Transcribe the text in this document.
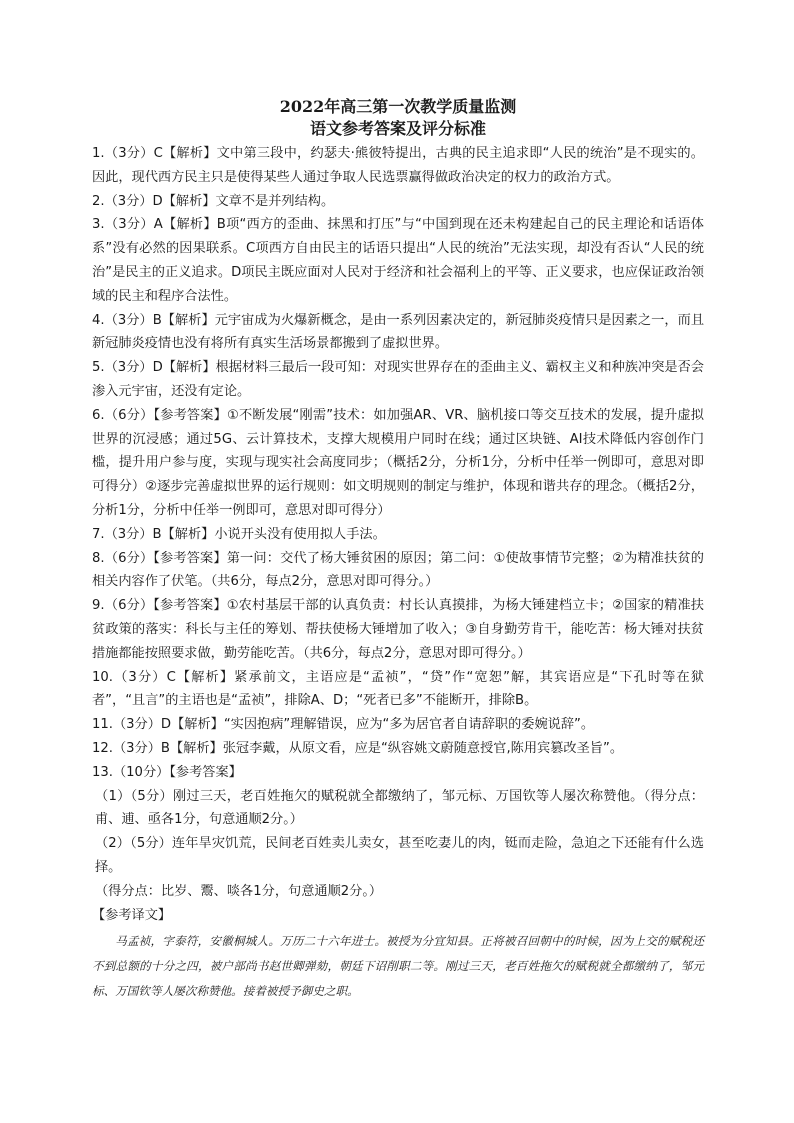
2022年高三第一次教学质量监测
语文参考答案及评分标准

1.（3分）C【解析】文中第三段中，约瑟夫·熊彼特提出，古典的民主追求即“人民的统治”是不现实的。因此，现代西方民主只是使得某些人通过争取人民选票赢得做政治决定的权力的政治方式。

2.（3分）D【解析】文章不是并列结构。

3.（3分）A【解析】B项“西方的歪曲、抹黑和打压”与“中国到现在还未构建起自己的民主理论和话语体系”没有必然的因果联系。C项西方自由民主的话语只提出“人民的统治”无法实现，却没有否认“人民的统治”是民主的正义追求。D项民主既应面对人民对于经济和社会福利上的平等、正义要求，也应保证政治领域的民主和程序合法性。

4.（3分）B【解析】元宇宙成为火爆新概念，是由一系列因素决定的，新冠肺炎疫情只是因素之一，而且新冠肺炎疫情也没有将所有真实生活场景都搬到了虚拟世界。

5.（3分）D【解析】根据材料三最后一段可知：对现实世界存在的歪曲主义、霸权主义和种族冲突是否会渗入元宇宙，还没有定论。

6.（6分）【参考答案】①不断发展“刚需”技术：如加强AR、VR、脑机接口等交互技术的发展，提升虚拟世界的沉浸感；通过5G、云计算技术，支撑大规模用户同时在线；通过区块链、AI技术降低内容创作门槛，提升用户参与度，实现与现实社会高度同步；（概括2分，分析1分，分析中任举一例即可，意思对即可得分）②逐步完善虚拟世界的运行规则：如文明规则的制定与维护，体现和谐共存的理念。（概括2分，分析1分，分析中任举一例即可，意思对即可得分）

7.（3分）B【解析】小说开头没有使用拟人手法。

8.（6分）【参考答案】第一问：交代了杨大锤贫困的原因；第二问：①使故事情节完整；②为精准扶贫的相关内容作了伏笔。（共6分，每点2分，意思对即可得分。）

9.（6分）【参考答案】①农村基层干部的认真负责：村长认真摸排，为杨大锤建档立卡；②国家的精准扶贫政策的落实：科长与主任的筹划、帮扶使杨大锤增加了收入；③自身勤劳肯干，能吃苦：杨大锤对扶贫措施都能按照要求做，勤劳能吃苦。（共6分，每点2分，意思对即可得分。）

10.（3分）C【解析】紧承前文，主语应是“孟祯”，“贷”作“宽恕”解，其宾语应是“下孔时等在狱者”，“且言”的主语也是“孟祯”，排除A、D；“死者已多”不能断开，排除B。

11.（3分）D【解析】“实因抱病”理解错误，应为“多为居官者自请辞职的委婉说辞”。

12.（3分）B【解析】张冠李戴，从原文看，应是“纵容姚文蔚随意授官,陈用宾篡改圣旨”。

13.（10分）【参考答案】

（1）（5分）刚过三天，老百姓拖欠的赋税就全都缴纳了，邹元标、万国钦等人屡次称赞他。（得分点：甫、逋、亟各1分，句意通顺2分。）

（2）（5分）连年旱灾饥荒，民间老百姓卖儿卖女，甚至吃妻儿的肉，铤而走险，急迫之下还能有什么选择。

（得分点：比岁、鬻、啖各1分，句意通顺2分。）

【参考译文】

马孟祯，字泰符，安徽桐城人。万历二十六年进士。被授为分宜知县。正将被召回朝中的时候，因为上交的赋税还不到总额的十分之四，被户部尚书赵世卿弹劾，朝廷下诏削职二等。刚过三天，老百姓拖欠的赋税就全都缴纳了，邹元标、万国钦等人屡次称赞他。接着被授予御史之职。
